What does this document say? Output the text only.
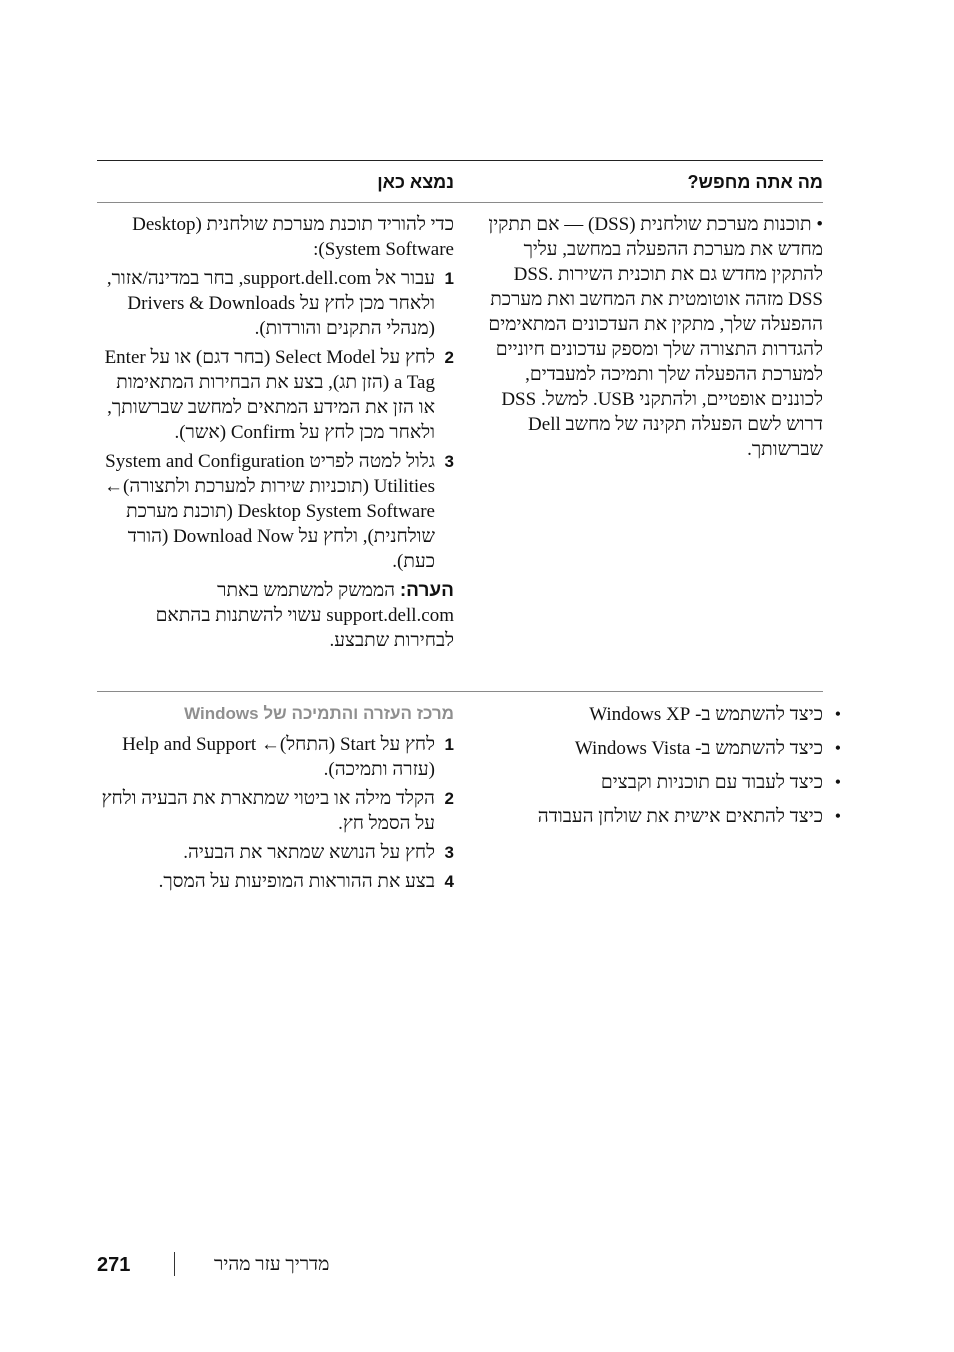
מה אתה מחפש?
נמצא כאן
• תוכנות מערכת שולחנית (DSS) — אם תתקין מחדש את מערכת ההפעלה במחשב, עליך להתקין מחדש גם את תוכנית השירות DSS. DSS מזהה אוטומטית את המחשב ואת מערכת ההפעלה שלך, מתקין את העדכונים המתאימים להגדרות התצורה שלך ומספק עדכונים חיוניים למערכת ההפעלה שלך ותמיכה למעבדים, לכוננים אופטיים, ולהתקני USB. למשל. DSS דרוש לשם הפעלה תקינה של מחשב Dell שברשותך.
כדי להוריד תוכנת מערכת שולחנית (Desktop System Software):
1
עבור אל support.dell.com, בחר במדינה/אזור, ולאחר מכן לחץ על Drivers & Downloads (מנהלי התקנים והורדות).
2
לחץ על Select Model (בחר דגם) או על Enter a Tag (הזן תג), בצע את הבחירות המתאימות או הזן את המידע המתאים למחשב שברשותך, ולאחר מכן לחץ על Confirm (אשר).
3
גלול למטה לפריט System and Configuration Utilities (תוכניות שירות למערכת ולתצורה)← Desktop System Software (תוכנת מערכת שולחנית), ולחץ על Download Now (הורד כעת).
הערה: הממשק למשתמש באתר support.dell.com עשוי להשתנות בהתאם לבחירות שתבצע.
•
כיצד להשתמש ב- Windows XP
•
כיצד להשתמש ב- Windows Vista
•
כיצד לעבוד עם תוכניות וקבצים
•
כיצד להתאים אישית את שולחן העבודה
מרכז העזרה והתמיכה של Windows
1
לחץ על Start (התחל)← Help and Support (עזרה ותמיכה).
2
הקלד מילה או ביטוי שמתארת את הבעיה ולחץ על הסמל חץ.
3
לחץ על הנושא שמתאר את הבעיה.
4
בצע את ההוראות המופיעות על המסך.
מדריך עזר מהיר
271
